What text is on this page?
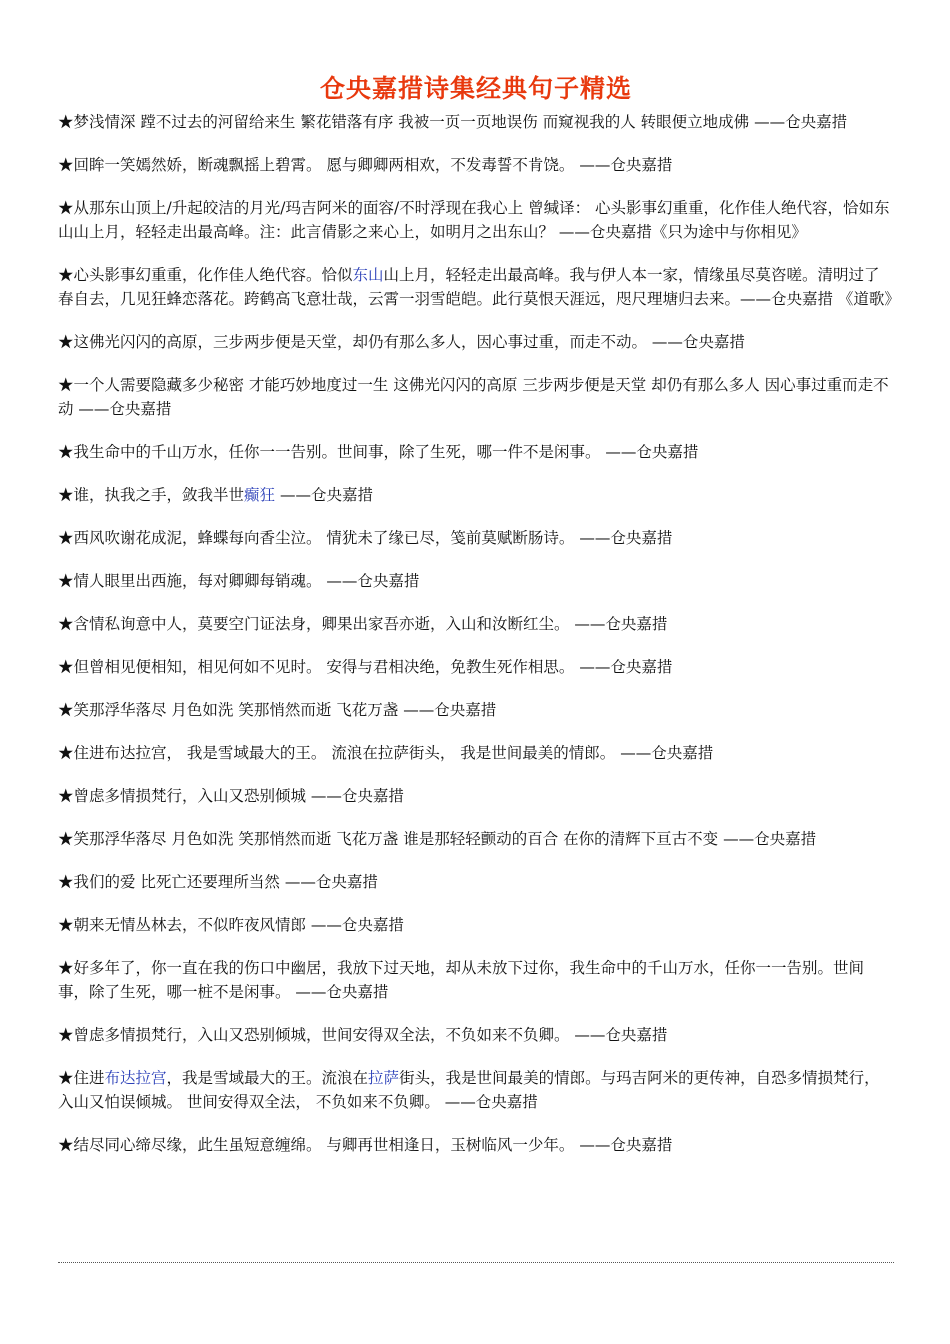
仓央嘉措诗集经典句子精选

★梦浅情深 蹚不过去的河留给来生 繁花错落有序 我被一页一页地误伤 而窥视我的人 转眼便立地成佛 ——仓央嘉措

★回眸一笑嫣然娇，断魂飘摇上碧霄。 愿与卿卿两相欢，不发毒誓不肯饶。 ——仓央嘉措

★从那东山顶上/升起皎洁的月光/玛吉阿米的面容/不时浮现在我心上 曾缄译： 心头影事幻重重，化作佳人绝代容，恰如东山山上月，轻轻走出最高峰。注：此言倩影之来心上，如明月之出东山？ ——仓央嘉措《只为途中与你相见》

★心头影事幻重重，化作佳人绝代容。恰似东山山上月，轻轻走出最高峰。我与伊人本一家，情缘虽尽莫咨嗟。清明过了春自去，几见狂蜂恋落花。跨鹤高飞意壮哉，云霄一羽雪皑皑。此行莫恨天涯远，咫尺理塘归去来。——仓央嘉措 《道歌》

★这佛光闪闪的高原，三步两步便是天堂，却仍有那么多人，因心事过重，而走不动。 ——仓央嘉措

★一个人需要隐藏多少秘密 才能巧妙地度过一生 这佛光闪闪的高原 三步两步便是天堂 却仍有那么多人 因心事过重而走不动 ——仓央嘉措

★我生命中的千山万水，任你一一告别。世间事，除了生死，哪一件不是闲事。 ——仓央嘉措

★谁，执我之手，敛我半世癫狂 ——仓央嘉措

★西风吹谢花成泥，蜂蝶每向香尘泣。 情犹未了缘已尽，笺前莫赋断肠诗。 ——仓央嘉措

★情人眼里出西施，每对卿卿每销魂。 ——仓央嘉措

★含情私询意中人，莫要空门证法身，卿果出家吾亦逝，入山和汝断红尘。 ——仓央嘉措

★但曾相见便相知，相见何如不见时。 安得与君相决绝，免教生死作相思。 ——仓央嘉措

★笑那浮华落尽 月色如洗 笑那悄然而逝 飞花万盏 ——仓央嘉措

★住进布达拉宫， 我是雪域最大的王。 流浪在拉萨街头， 我是世间最美的情郎。 ——仓央嘉措

★曾虑多情损梵行，入山又恐别倾城 ——仓央嘉措

★笑那浮华落尽 月色如洗 笑那悄然而逝 飞花万盏 谁是那轻轻颤动的百合 在你的清辉下亘古不变 ——仓央嘉措

★我们的爱 比死亡还要理所当然 ——仓央嘉措

★朝来无情丛林去，不似昨夜风情郎 ——仓央嘉措

★好多年了，你一直在我的伤口中幽居，我放下过天地，却从未放下过你，我生命中的千山万水，任你一一告别。世间事，除了生死，哪一桩不是闲事。 ——仓央嘉措

★曾虑多情损梵行，入山又恐别倾城，世间安得双全法，不负如来不负卿。 ——仓央嘉措

★住进布达拉宫，我是雪域最大的王。流浪在拉萨街头，我是世间最美的情郎。与玛吉阿米的更传神，自恐多情损梵行， 入山又怕误倾城。 世间安得双全法， 不负如来不负卿。 ——仓央嘉措

★结尽同心缔尽缘，此生虽短意缠绵。 与卿再世相逢日，玉树临风一少年。 ——仓央嘉措
